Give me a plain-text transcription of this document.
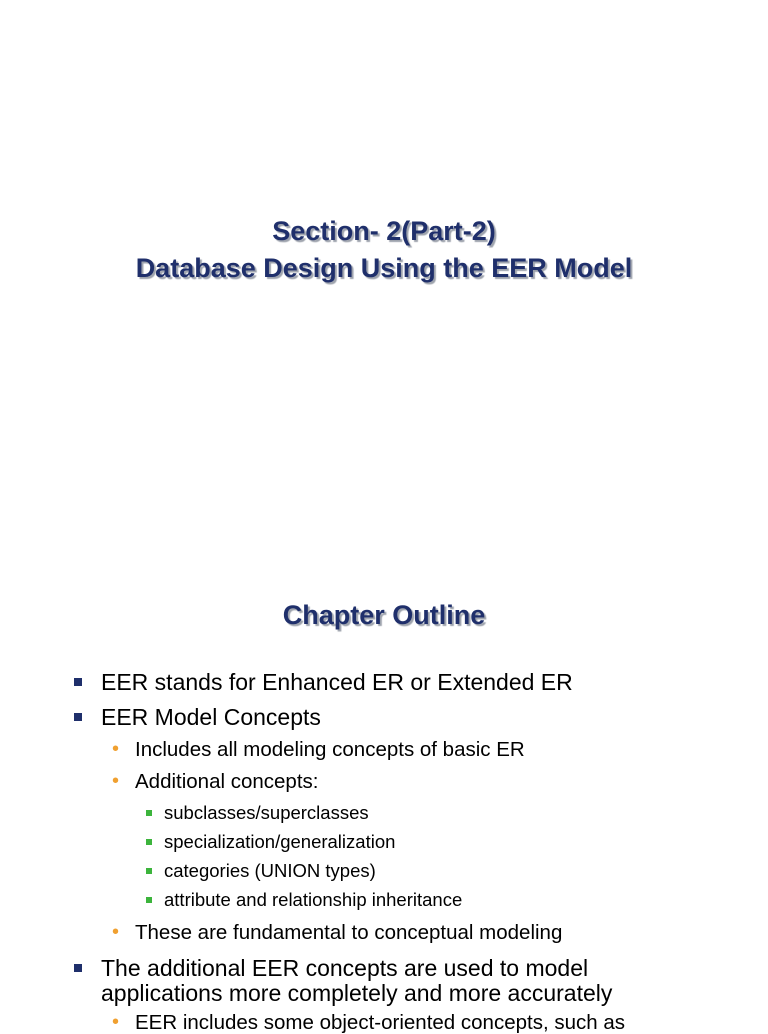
Section- 2(Part-2)
Database Design Using the EER Model
Chapter Outline
EER stands for Enhanced ER or Extended ER
EER Model Concepts
• Includes all modeling concepts of basic ER
• Additional concepts:
subclasses/superclasses
specialization/generalization
categories (UNION types)
attribute and relationship inheritance
• These are fundamental to conceptual modeling
The additional EER concepts are used to model applications more completely and more accurately
• EER includes some object-oriented concepts, such as
